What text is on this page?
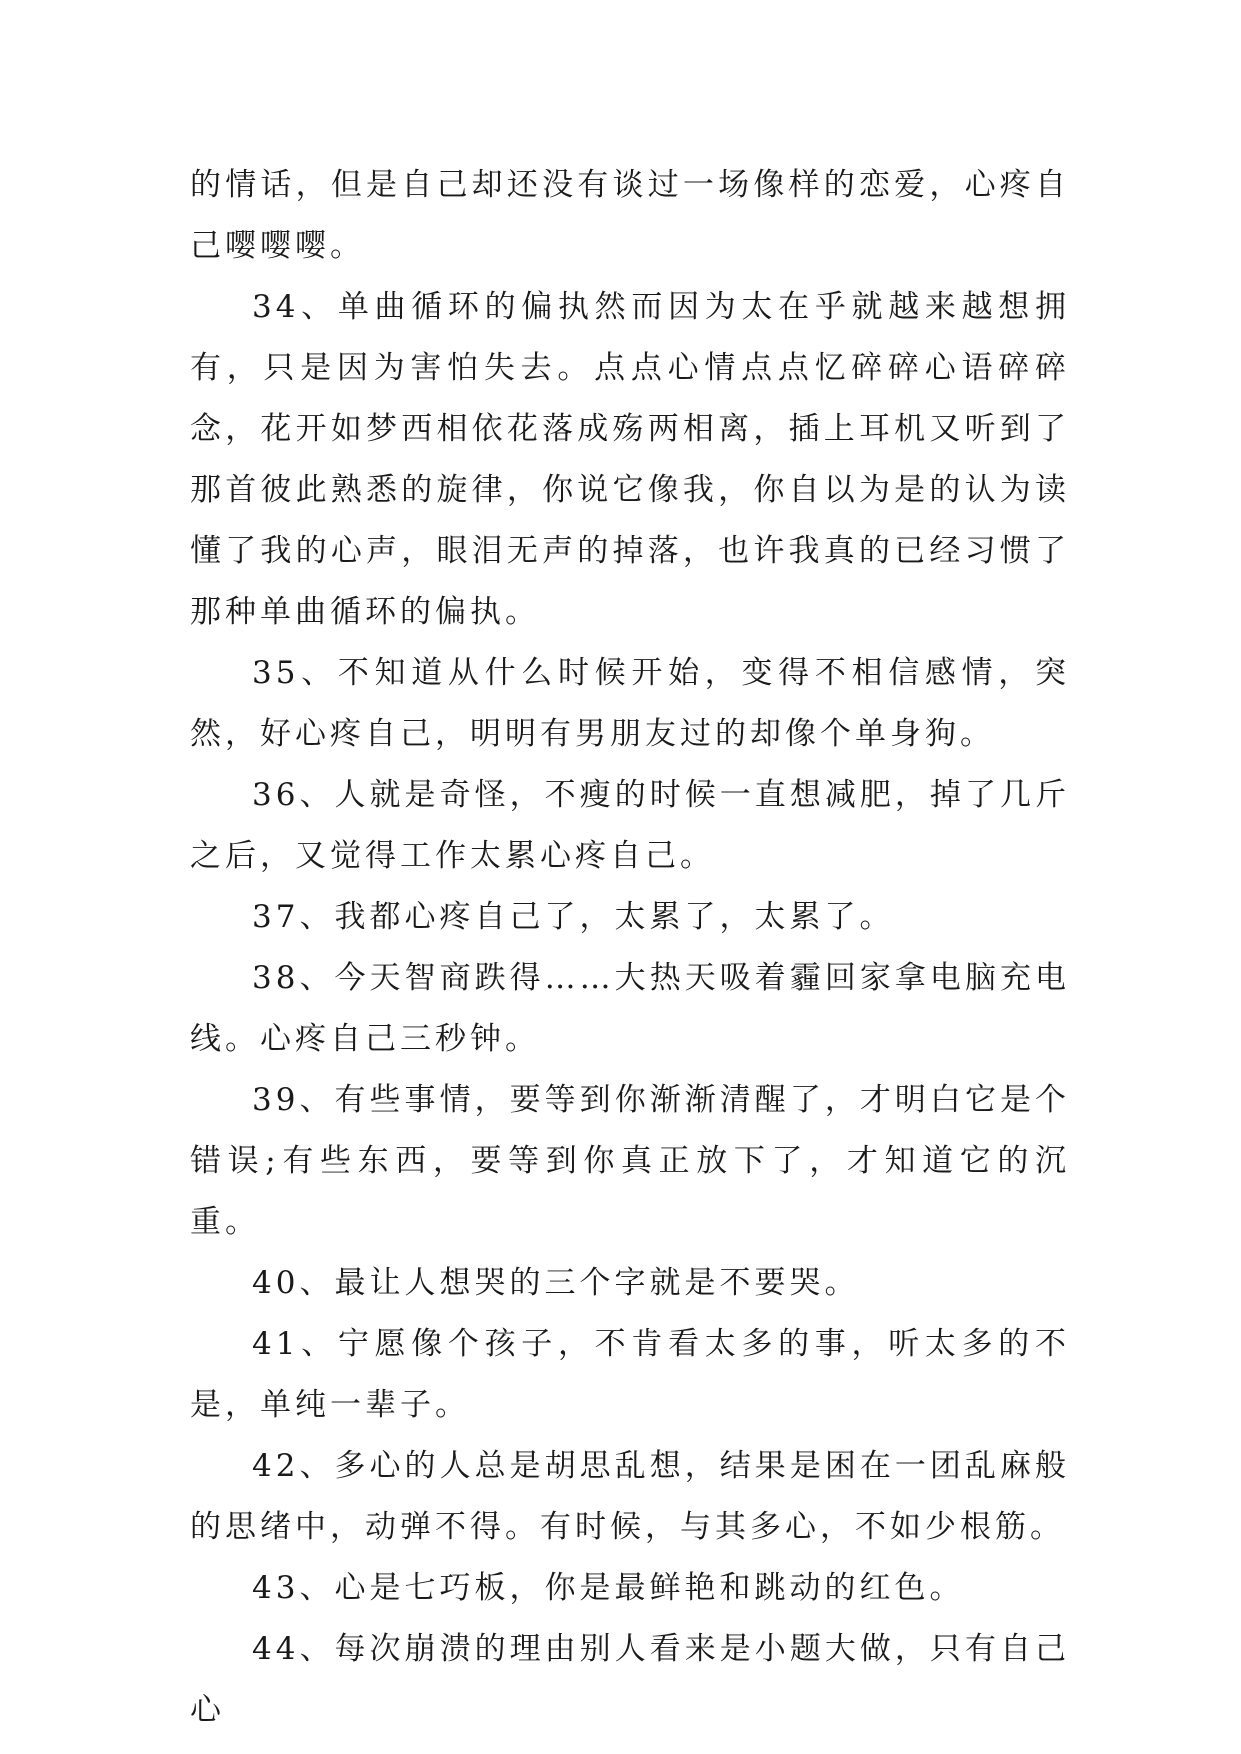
的情话，但是自己却还没有谈过一场像样的恋爱，心疼自己嘤嘤嘤。

34、单曲循环的偏执然而因为太在乎就越来越想拥有，只是因为害怕失去。点点心情点点忆碎碎心语碎碎念，花开如梦西相依花落成殇两相离，插上耳机又听到了那首彼此熟悉的旋律，你说它像我，你自以为是的认为读懂了我的心声，眼泪无声的掉落，也许我真的已经习惯了那种单曲循环的偏执。

35、不知道从什么时候开始，变得不相信感情，突然，好心疼自己，明明有男朋友过的却像个单身狗。

36、人就是奇怪，不瘦的时候一直想减肥，掉了几斤之后，又觉得工作太累心疼自己。

37、我都心疼自己了，太累了，太累了。

38、今天智商跌得……大热天吸着霾回家拿电脑充电线。心疼自己三秒钟。

39、有些事情，要等到你渐渐清醒了，才明白它是个错误;有些东西，要等到你真正放下了，才知道它的沉重。

40、最让人想哭的三个字就是不要哭。

41、宁愿像个孩子，不肯看太多的事，听太多的不是，单纯一辈子。

42、多心的人总是胡思乱想，结果是困在一团乱麻般的思绪中，动弹不得。有时候，与其多心，不如少根筋。

43、心是七巧板，你是最鲜艳和跳动的红色。

44、每次崩溃的理由别人看来是小题大做，只有自己心
